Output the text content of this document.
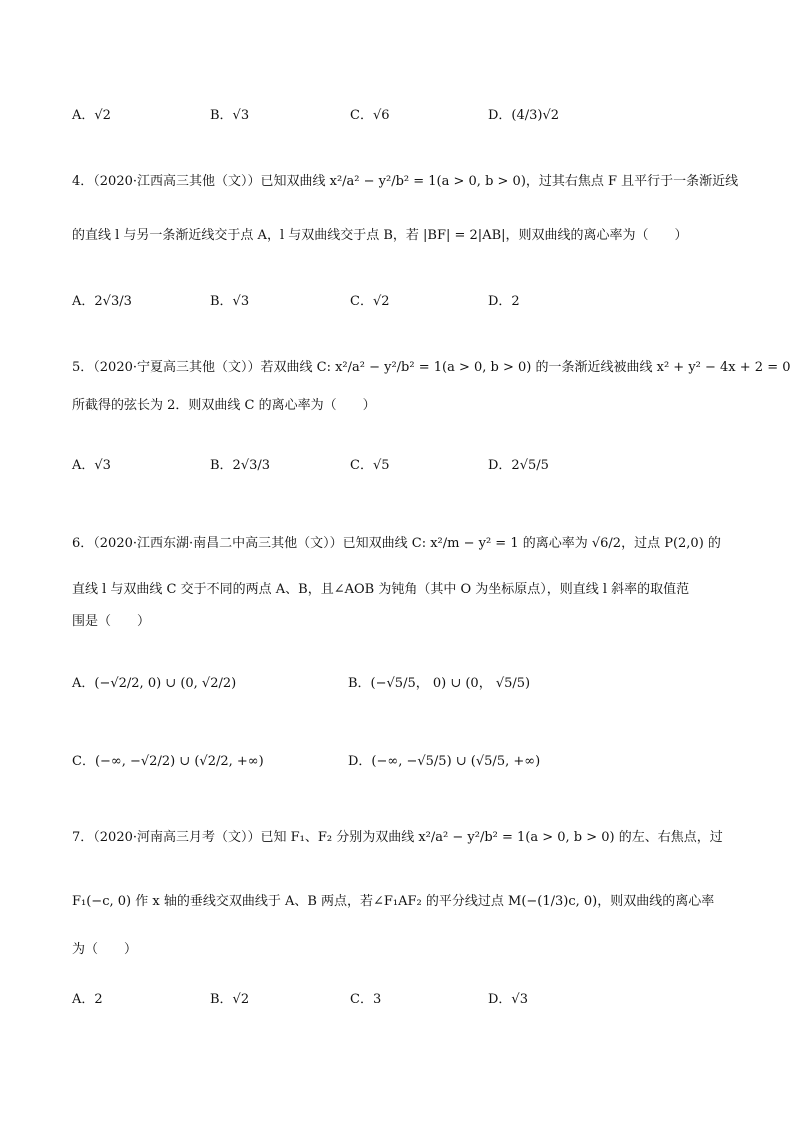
A．√2	B．√3	C．√6	D．(4/3)√2
4．（2020·江西高三其他（文））已知双曲线 x²/a² − y²/b² = 1(a > 0, b > 0)，过其右焦点 F 且平行于一条渐近线
的直线 l 与另一条渐近线交于点 A，l 与双曲线交于点 B，若 |BF| = 2|AB|，则双曲线的离心率为（　　）
A．2√3/3	B．√3	C．√2	D．2
5．（2020·宁夏高三其他（文））若双曲线 C: x²/a² − y²/b² = 1(a > 0, b > 0) 的一条渐近线被曲线 x² + y² − 4x + 2 = 0
所截得的弦长为 2．则双曲线 C 的离心率为（　　）
A．√3	B．2√3/3	C．√5	D．2√5/5
6．（2020·江西东湖·南昌二中高三其他（文））已知双曲线 C: x²/m − y² = 1 的离心率为 √6/2，过点 P(2,0) 的
直线 l 与双曲线 C 交于不同的两点 A、B，且∠AOB 为钝角（其中 O 为坐标原点），则直线 l 斜率的取值范
围是（　　）
A．(−√2/2, 0) ∪ (0, √2/2)	B．(−√5/5， 0) ∪ (0， √5/5)
C．(−∞, −√2/2) ∪ (√2/2, +∞)	D．(−∞, −√5/5) ∪ (√5/5, +∞)
7．（2020·河南高三月考（文））已知 F₁、F₂ 分别为双曲线 x²/a² − y²/b² = 1(a > 0, b > 0) 的左、右焦点，过
F₁(−c, 0) 作 x 轴的垂线交双曲线于 A、B 两点，若∠F₁AF₂ 的平分线过点 M(−(1/3)c, 0)，则双曲线的离心率
为（　　）
A．2	B．√2	C．3	D．√3
